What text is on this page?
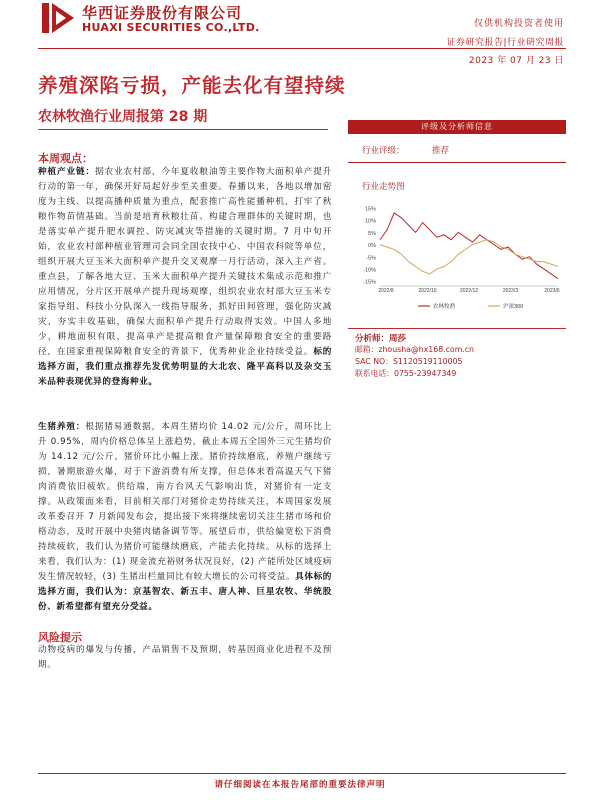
华西证券股份有限公司
HUAXI SECURITIES CO.,LTD.	仅供机构投资者使用
证券研究报告|行业研究周报
2023 年 07 月 23 日
养殖深陷亏损，产能去化有望持续
农林牧渔行业周报第 28 期
本周观点：
种植产业链：据农业农村部，今年夏收粮油等主要作物大面积单产提升行动的第一年，确保开好局起好步至关重要。春播以来，各地以增加密度为主线、以提高播种质量为重点，配套推广高性能播种机，打牢了秋粮作物苗情基础。当前是培育秋粮壮苗、构建合理群体的关键时期，也是落实单产提升肥水调控、防灾减灾等措施的关键时期。7 月中旬开始，农业农村部种植业管理司会同全国农技中心、中国农科院等单位，组织开展大豆玉米大面积单产提升交叉观摩一月行活动，深入主产省。重点县，了解各地大豆、玉米大面积单产提升关键技术集成示范和推广应用情况，分片区开展单产提升现场观摩，组织农业农村部大豆玉米专家指导组、科技小分队深入一线指导服务，抓好田间管理，强化防灾减灾，夯实丰收基础，确保大面积单产提升行动取得实效。中国人多地少，耕地面积有限，提高单产是提高粮食产量保障粮食安全的重要路径，在国家重视保障粮食安全的背景下，优秀种业企业持续受益。标的选择方面，我们重点推荐先发优势明显的大北农、隆平高科以及杂交玉米品种表现优异的登海种业。
生猪养殖：根据猪易通数据，本周生猪均价 14.02 元/公斤，周环比上升 0.95%，周内价格总体呈上涨趋势，截止本周五全国外三元生猪均价为 14.12 元/公斤，猪价环比小幅上涨。猪价持续磨底，养殖户继续亏损，暑期旅游火爆，对于下游消费有所支撑，但总体来看高温天气下猪肉消费依旧疲软。供给端，南方台风天气影响出货，对猪价有一定支撑。从政策面来看，目前相关部门对猪价走势持续关注，本周国家发展改革委召开 7 月新闻发布会，提出接下来将继续密切关注生猪市场和价格动态，及时开展中央猪肉储备调节等。展望后市，供给偏宽松下消费持续疲软，我们认为猪价可能继续磨底，产能去化持续。从标的选择上来看，我们认为：(1) 现金流充裕财务状况良好，(2) 产能所处区域疫病发生情况较轻，(3) 生猪出栏量同比有较大增长的公司将受益。具体标的选择方面，我们认为：京基智农、新五丰、唐人神、巨星农牧、华统股份、新希望都有望充分受益。
风险提示
动物疫病的爆发与传播，产品销售不及预期，转基因商业化进程不及预期。
评级及分析师信息
行业评级：	推荐
行业走势图
15%
10%
5%
0%
-5%
-10%
-15%
2022/8	2022/10	2022/12	2023/3	2023/6
农林牧渔	沪深300
分析师：周莎
邮箱：zhousha@hx168.com.cn
SAC NO：S1120519110005
联系电话：0755-23947349
请仔细阅读在本报告尾部的重要法律声明
